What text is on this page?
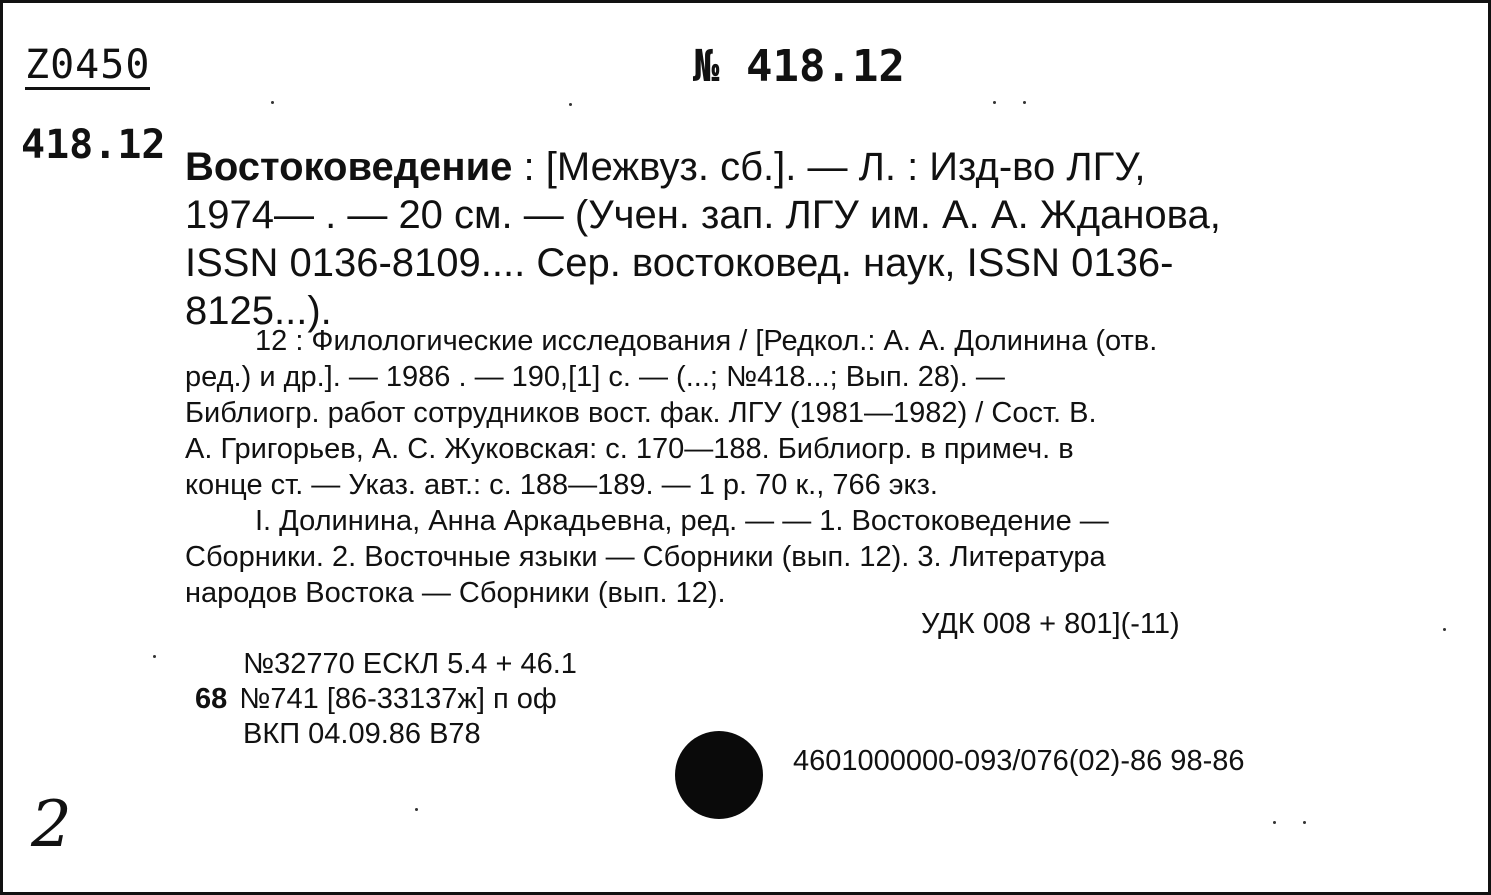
Z0450	№ 418.12
418.12 Востоковедение : [Межвуз. сб.]. — Л. : Изд-во ЛГУ,
1974— . — 20 см. — (Учен. зап. ЛГУ им. А. А. Жданова,
ISSN 0136-8109.... Сер. востоковед. наук, ISSN 0136-
8125...).
12 : Филологические исследования / [Редкол.: А. А. Долинина (отв.
ред.) и др.]. — 1986 . — 190,[1] с. — (...; №418...; Вып. 28). —
Библиогр. работ сотрудников вост. фак. ЛГУ (1981—1982) / Сост. В.
А. Григорьев, А. С. Жуковская: с. 170—188. Библиогр. в примеч. в
конце ст. — Указ. авт.: с. 188—189. — 1 р. 70 к., 766 экз.
I. Долинина, Анна Аркадьевна, ред. — — 1. Востоковедение —
Сборники. 2. Восточные языки — Сборники (вып. 12). 3. Литература
народов Востока — Сборники (вып. 12).
УДК 008 + 801](-11)
№32770 ЕСКЛ 5.4 + 46.1
68 №741 [86-33137ж] п оф
ВКП 04.09.86 В78
4601000000-093/076(02)-86 98-86
2
